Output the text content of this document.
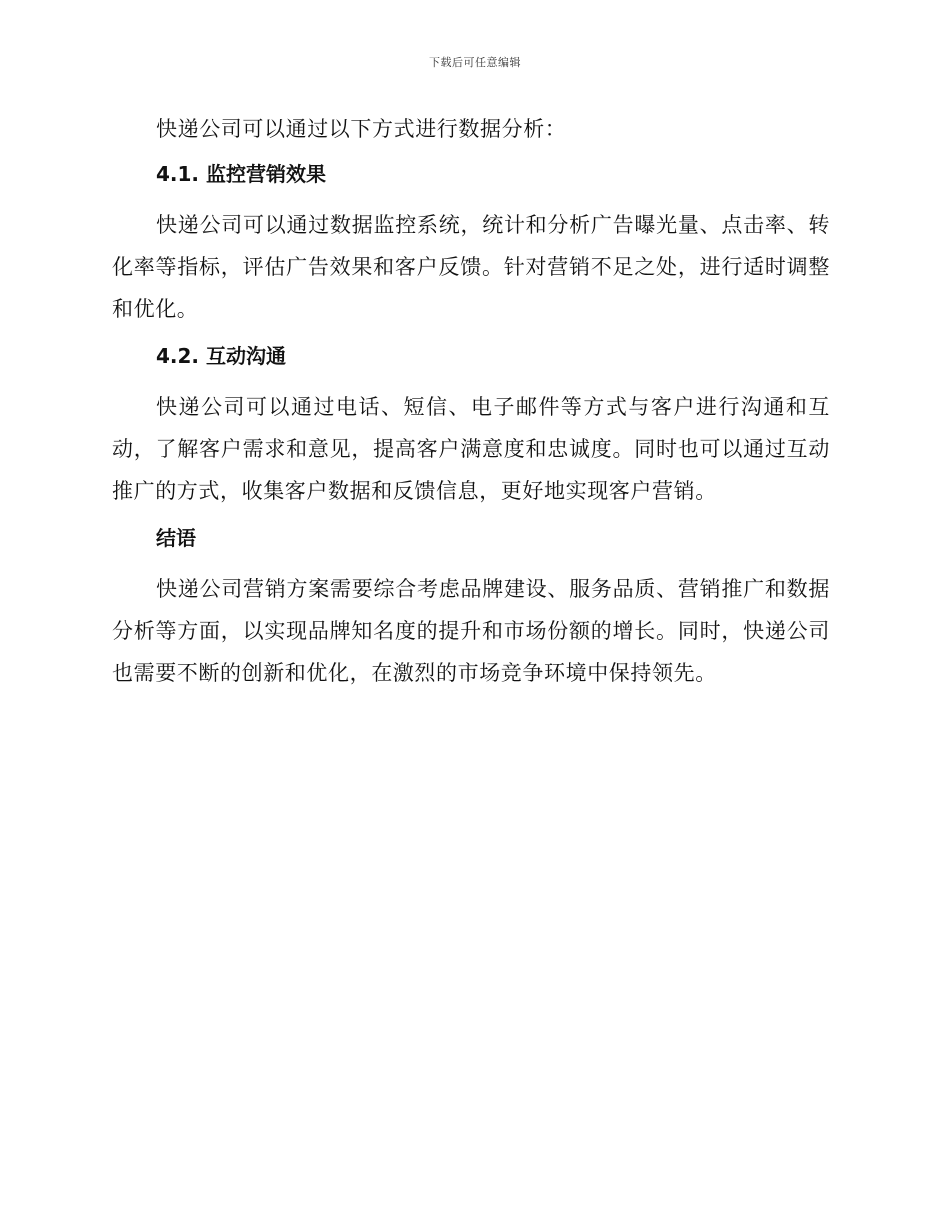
下载后可任意编辑

快递公司可以通过以下方式进行数据分析：

4.1. 监控营销效果

快递公司可以通过数据监控系统，统计和分析广告曝光量、点击率、转化率等指标，评估广告效果和客户反馈。针对营销不足之处，进行适时调整和优化。

4.2. 互动沟通

快递公司可以通过电话、短信、电子邮件等方式与客户进行沟通和互动，了解客户需求和意见，提高客户满意度和忠诚度。同时也可以通过互动推广的方式，收集客户数据和反馈信息，更好地实现客户营销。

结语

快递公司营销方案需要综合考虑品牌建设、服务品质、营销推广和数据分析等方面，以实现品牌知名度的提升和市场份额的增长。同时，快递公司也需要不断的创新和优化，在激烈的市场竞争环境中保持领先。
